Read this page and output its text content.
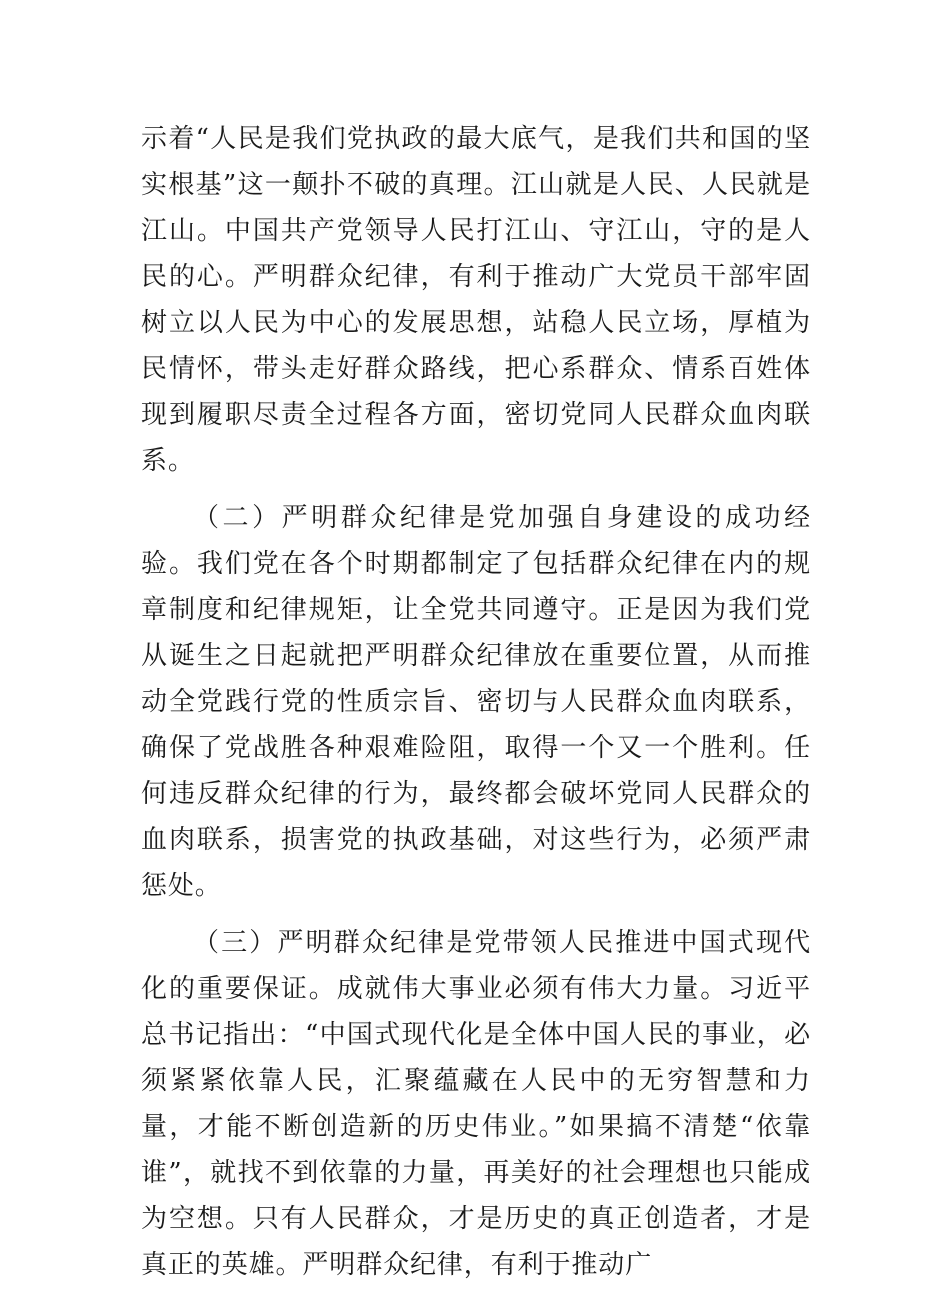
示着“人民是我们党执政的最大底气，是我们共和国的坚实根基”这一颠扑不破的真理。江山就是人民、人民就是江山。中国共产党领导人民打江山、守江山，守的是人民的心。严明群众纪律，有利于推动广大党员干部牢固树立以人民为中心的发展思想，站稳人民立场，厚植为民情怀，带头走好群众路线，把心系群众、情系百姓体现到履职尽责全过程各方面，密切党同人民群众血肉联系。

（二）严明群众纪律是党加强自身建设的成功经验。我们党在各个时期都制定了包括群众纪律在内的规章制度和纪律规矩，让全党共同遵守。正是因为我们党从诞生之日起就把严明群众纪律放在重要位置，从而推动全党践行党的性质宗旨、密切与人民群众血肉联系，确保了党战胜各种艰难险阻，取得一个又一个胜利。任何违反群众纪律的行为，最终都会破坏党同人民群众的血肉联系，损害党的执政基础，对这些行为，必须严肃惩处。

（三）严明群众纪律是党带领人民推进中国式现代化的重要保证。成就伟大事业必须有伟大力量。习近平总书记指出：“中国式现代化是全体中国人民的事业，必须紧紧依靠人民，汇聚蕴藏在人民中的无穷智慧和力量，才能不断创造新的历史伟业。”如果搞不清楚“依靠谁”，就找不到依靠的力量，再美好的社会理想也只能成为空想。只有人民群众，才是历史的真正创造者，才是真正的英雄。严明群众纪律，有利于推动广
